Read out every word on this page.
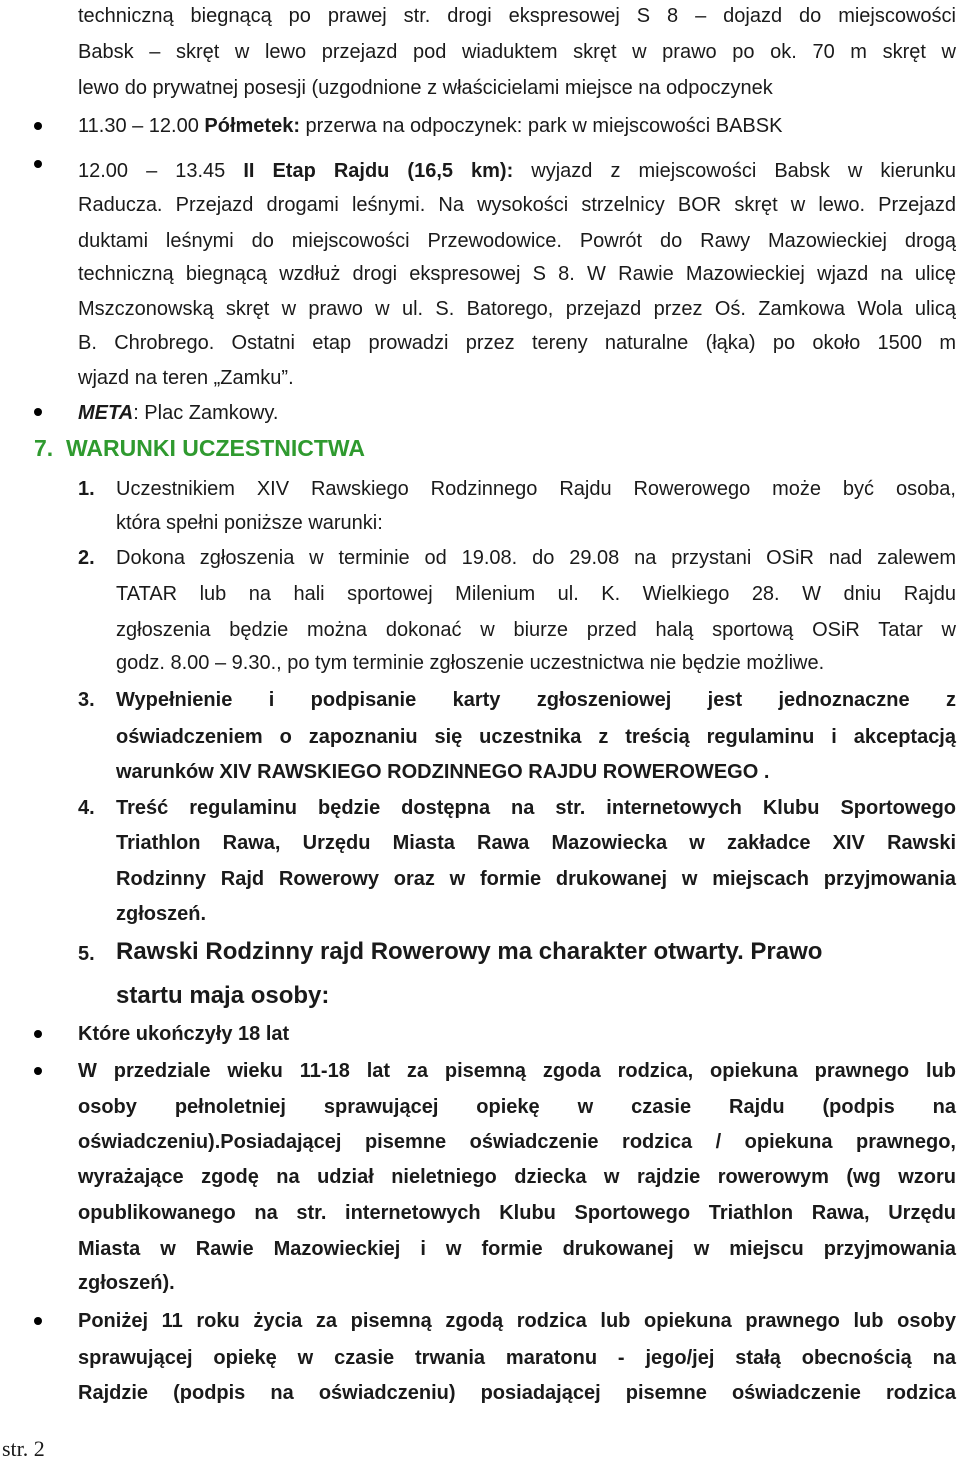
techniczną biegnącą po prawej str. drogi ekspresowej S 8 – dojazd do miejscowości
Babsk – skręt w lewo przejazd pod wiaduktem skręt w prawo po ok. 70 m skręt w
lewo do prywatnej posesji (uzgodnione z właścicielami miejsce na odpoczynek
11.30 – 12.00 Półmetek: przerwa na odpoczynek: park w miejscowości BABSK
12.00 – 13.45 II Etap Rajdu (16,5 km): wyjazd z miejscowości Babsk w kierunku
Raducza. Przejazd drogami leśnymi. Na wysokości strzelnicy BOR skręt w lewo. Przejazd
duktami leśnymi do miejscowości Przewodowice. Powrót do Rawy Mazowieckiej drogą
techniczną biegnącą wzdłuż drogi ekspresowej S 8. W Rawie Mazowieckiej wjazd na ulicę
Mszczonowską skręt w prawo w ul. S. Batorego, przejazd przez Oś. Zamkowa Wola ulicą
B. Chrobrego. Ostatni etap prowadzi przez tereny naturalne (łąka) po około 1500 m
wjazd na teren „Zamku”.
META: Plac Zamkowy.
7. WARUNKI UCZESTNICTWA
1. Uczestnikiem XIV Rawskiego Rodzinnego Rajdu Rowerowego może być osoba,
która spełni poniższe warunki:
2. Dokona zgłoszenia w terminie od 19.08. do 29.08 na przystani OSiR nad zalewem
TATAR lub na hali sportowej Milenium ul. K. Wielkiego 28. W dniu Rajdu
zgłoszenia będzie można dokonać w biurze przed halą sportową OSiR Tatar w
godz. 8.00 – 9.30., po tym terminie zgłoszenie uczestnictwa nie będzie możliwe.
3. Wypełnienie i podpisanie karty zgłoszeniowej jest jednoznaczne z
oświadczeniem o zapoznaniu się uczestnika z treścią regulaminu i akceptacją
warunków XIV RAWSKIEGO RODZINNEGO RAJDU ROWEROWEGO .
4. Treść regulaminu będzie dostępna na str. internetowych Klubu Sportowego
Triathlon Rawa, Urzędu Miasta Rawa Mazowiecka w zakładce XIV Rawski
Rodzinny Rajd Rowerowy oraz w formie drukowanej w miejscach przyjmowania
zgłoszeń.
5. Rawski Rodzinny rajd Rowerowy ma charakter otwarty. Prawo
startu maja osoby:
Które ukończyły 18 lat
W przedziale wieku 11-18 lat za pisemną zgoda rodzica, opiekuna prawnego lub
osoby pełnoletniej sprawującej opiekę w czasie Rajdu (podpis na
oświadczeniu).Posiadającej pisemne oświadczenie rodzica / opiekuna prawnego,
wyrażające zgodę na udział nieletniego dziecka w rajdzie rowerowym (wg wzoru
opublikowanego na str. internetowych Klubu Sportowego Triathlon Rawa, Urzędu
Miasta w Rawie Mazowieckiej i w formie drukowanej w miejscu przyjmowania
zgłoszeń).
Poniżej 11 roku życia za pisemną zgodą rodzica lub opiekuna prawnego lub osoby
sprawującej opiekę w czasie trwania maratonu - jego/jej stałą obecnością na
Rajdzie (podpis na oświadczeniu) posiadającej pisemne oświadczenie rodzica
str. 2
